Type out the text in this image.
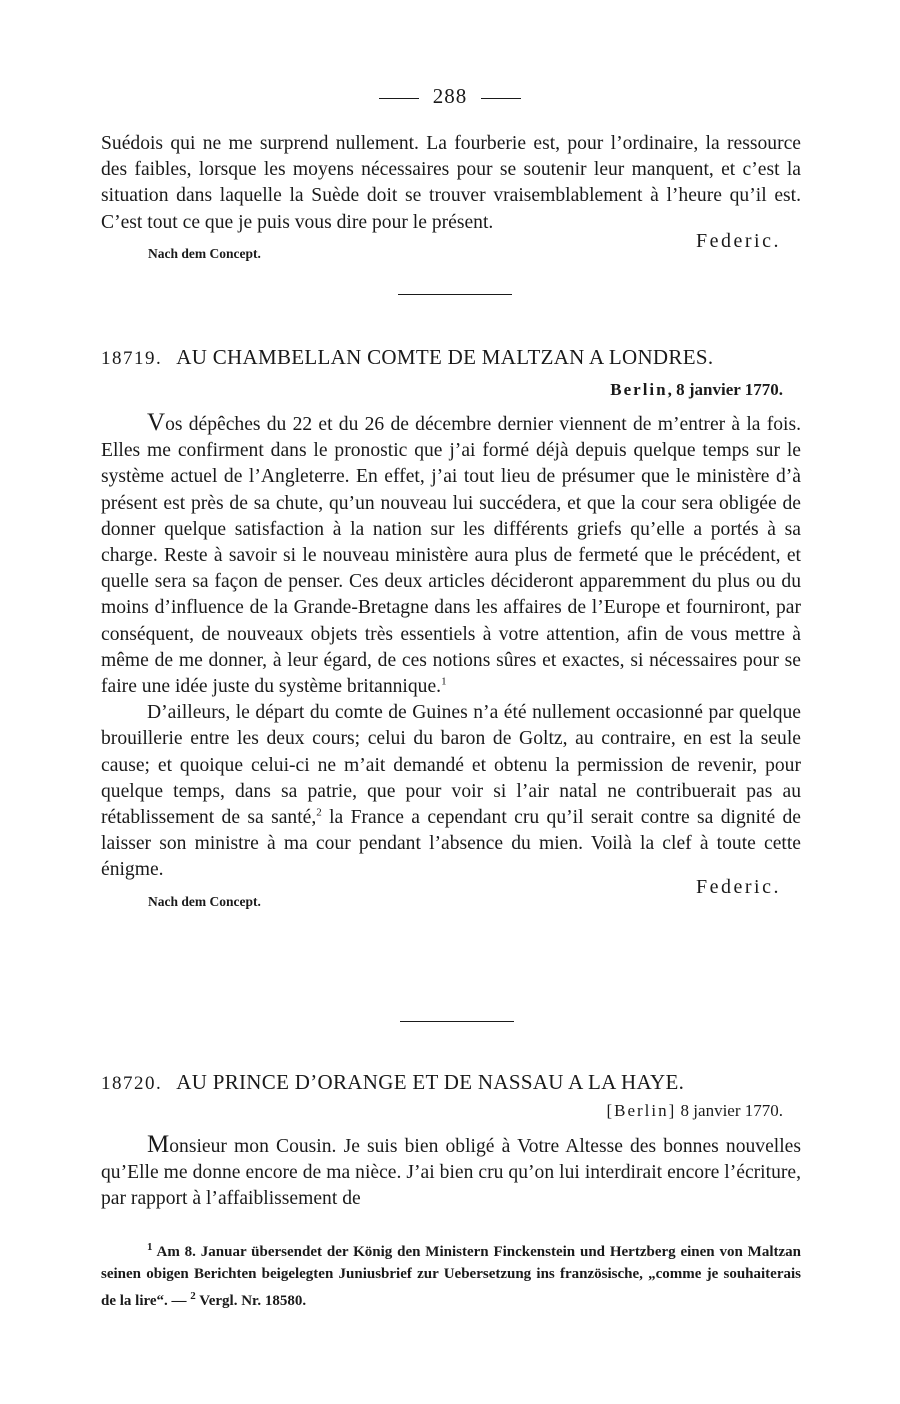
288

Suédois qui ne me surprend nullement. La fourberie est, pour l’ordinaire, la ressource des faibles, lorsque les moyens nécessaires pour se soutenir leur manquent, et c’est la situation dans laquelle la Suède doit se trouver vraisemblablement à l’heure qu’il est. C’est tout ce que je puis vous dire pour le présent.

Federic.
Nach dem Concept.
18719. AU CHAMBELLAN COMTE DE MALTZAN A LONDRES.
Berlin, 8 janvier 1770.

Vos dépêches du 22 et du 26 de décembre dernier viennent de m’entrer à la fois. Elles me confirment dans le pronostic que j’ai formé déjà depuis quelque temps sur le système actuel de l’Angleterre. En effet, j’ai tout lieu de présumer que le ministère d’à présent est près de sa chute, qu’un nouveau lui succédera, et que la cour sera obligée de donner quelque satisfaction à la nation sur les différents griefs qu’elle a portés à sa charge. Reste à savoir si le nouveau ministère aura plus de fermeté que le précédent, et quelle sera sa façon de penser. Ces deux articles décideront apparemment du plus ou du moins d’influence de la Grande-Bretagne dans les affaires de l’Europe et fourniront, par conséquent, de nouveaux objets très essentiels à votre attention, afin de vous mettre à même de me donner, à leur égard, de ces notions sûres et exactes, si nécessaires pour se faire une idée juste du système britannique.$^1$

D’ailleurs, le départ du comte de Guines n’a été nullement occasionné par quelque brouillerie entre les deux cours; celui du baron de Goltz, au contraire, en est la seule cause; et quoique celui-ci ne m’ait demandé et obtenu la permission de revenir, pour quelque temps, dans sa patrie, que pour voir si l’air natal ne contribuerait pas au rétablissement de sa santé,$^2$ la France a cependant cru qu’il serait contre sa dignité de laisser son ministre à ma cour pendant l’absence du mien. Voilà la clef à toute cette énigme.

Federic.
Nach dem Concept.
18720. AU PRINCE D’ORANGE ET DE NASSAU A LA HAYE.
[Berlin] 8 janvier 1770.

Monsieur mon Cousin. Je suis bien obligé à Votre Altesse des bonnes nouvelles qu’Elle me donne encore de ma nièce. J’ai bien cru qu’on lui interdirait encore l’écriture, par rapport à l’affaiblissement de

$^1$ Am 8. Januar übersendet der König den Ministern Finckenstein und Hertzberg einen von Maltzan seinen obigen Berichten beigelegten Juniusbrief zur Uebersetzung ins französische, „comme je souhaiterais de la lire“. — $^2$ Vergl. Nr. 18580.
